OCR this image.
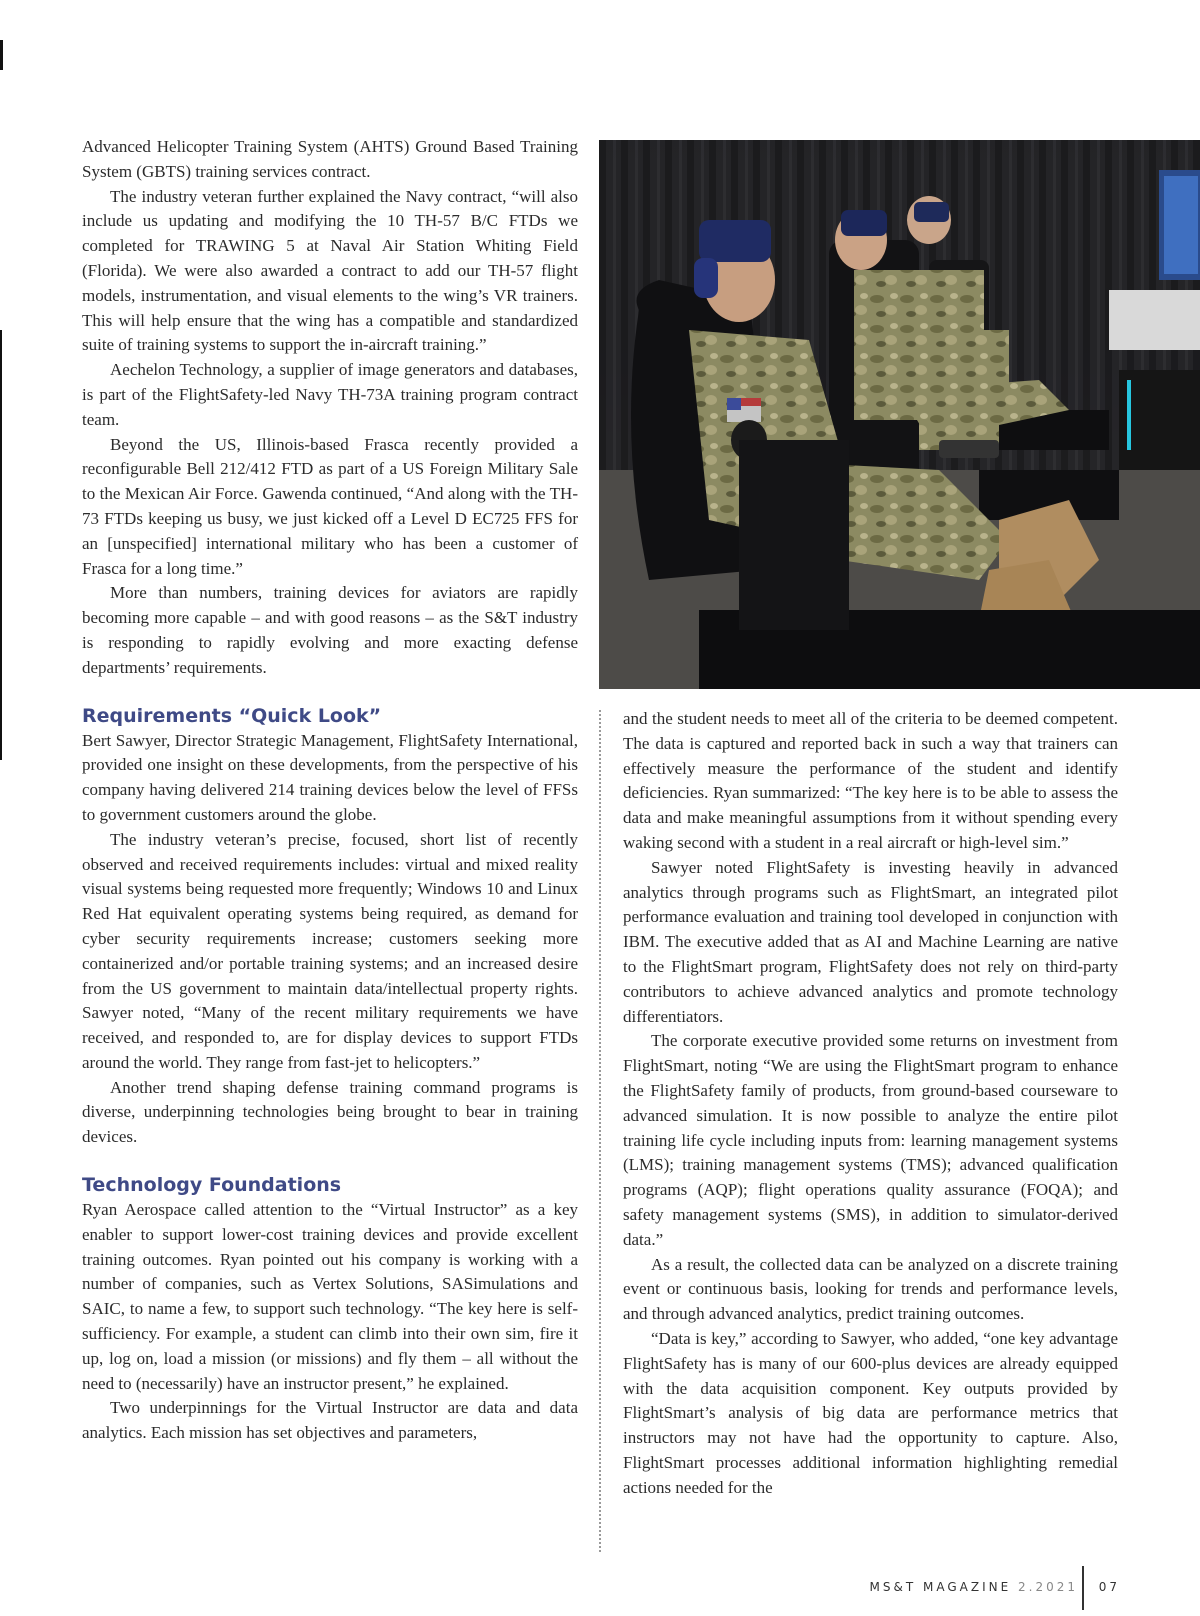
Advanced Helicopter Training System (AHTS) Ground Based Training System (GBTS) training services contract.

The industry veteran further explained the Navy contract, “will also include us updating and modifying the 10 TH-57 B/C FTDs we completed for TRAWING 5 at Naval Air Station Whiting Field (Florida). We were also awarded a contract to add our TH-57 flight models, instrumentation, and visual elements to the wing’s VR trainers. This will help ensure that the wing has a compatible and standardized suite of training systems to support the in-aircraft training.”

Aechelon Technology, a supplier of image generators and databases, is part of the FlightSafety-led Navy TH-73A training program contract team.

Beyond the US, Illinois-based Frasca recently provided a reconfigurable Bell 212/412 FTD as part of a US Foreign Military Sale to the Mexican Air Force. Gawenda continued, “And along with the TH-73 FTDs keeping us busy, we just kicked off a Level D EC725 FFS for an [unspecified] international military who has been a customer of Frasca for a long time.”

More than numbers, training devices for aviators are rapidly becoming more capable – and with good reasons – as the S&T industry is responding to rapidly evolving and more exacting defense departments’ requirements.

Requirements “Quick Look”

Bert Sawyer, Director Strategic Management, FlightSafety International, provided one insight on these developments, from the perspective of his company having delivered 214 training devices below the level of FFSs to government customers around the globe.

The industry veteran’s precise, focused, short list of recently observed and received requirements includes: virtual and mixed reality visual systems being requested more frequently; Windows 10 and Linux Red Hat equivalent operating systems being required, as demand for cyber security requirements increase; customers seeking more containerized and/or portable training systems; and an increased desire from the US government to maintain data/intellectual property rights. Sawyer noted, “Many of the recent military requirements we have received, and responded to, are for display devices to support FTDs around the world. They range from fast-jet to helicopters.”

Another trend shaping defense training command programs is diverse, underpinning technologies being brought to bear in training devices.

Technology Foundations

Ryan Aerospace called attention to the “Virtual Instructor” as a key enabler to support lower-cost training devices and provide excellent training outcomes. Ryan pointed out his company is working with a number of companies, such as Vertex Solutions, SASimulations and SAIC, to name a few, to support such technology. “The key here is self-sufficiency. For example, a student can climb into their own sim, fire it up, log on, load a mission (or missions) and fly them – all without the need to (necessarily) have an instructor present,” he explained.

Two underpinnings for the Virtual Instructor are data and data analytics. Each mission has set objectives and parameters,

and the student needs to meet all of the criteria to be deemed competent. The data is captured and reported back in such a way that trainers can effectively measure the performance of the student and identify deficiencies. Ryan summarized: “The key here is to be able to assess the data and make meaningful assumptions from it without spending every waking second with a student in a real aircraft or high-level sim.”

Sawyer noted FlightSafety is investing heavily in advanced analytics through programs such as FlightSmart, an integrated pilot performance evaluation and training tool developed in conjunction with IBM. The executive added that as AI and Machine Learning are native to the FlightSmart program, FlightSafety does not rely on third-party contributors to achieve advanced analytics and promote technology differentiators.

The corporate executive provided some returns on investment from FlightSmart, noting “We are using the FlightSmart program to enhance the FlightSafety family of products, from ground-based courseware to advanced simulation. It is now possible to analyze the entire pilot training life cycle including inputs from: learning management systems (LMS); training management systems (TMS); advanced qualification programs (AQP); flight operations quality assurance (FOQA); and safety management systems (SMS), in addition to simulator-derived data.”

As a result, the collected data can be analyzed on a discrete training event or continuous basis, looking for trends and performance levels, and through advanced analytics, predict training outcomes.

“Data is key,” according to Sawyer, who added, “one key advantage FlightSafety has is many of our 600-plus devices are already equipped with the data acquisition component. Key outputs provided by FlightSmart’s analysis of big data are performance metrics that instructors may not have had the opportunity to capture. Also, FlightSmart processes additional information highlighting remedial actions needed for the

MS&T MAGAZINE 2.2021 07
